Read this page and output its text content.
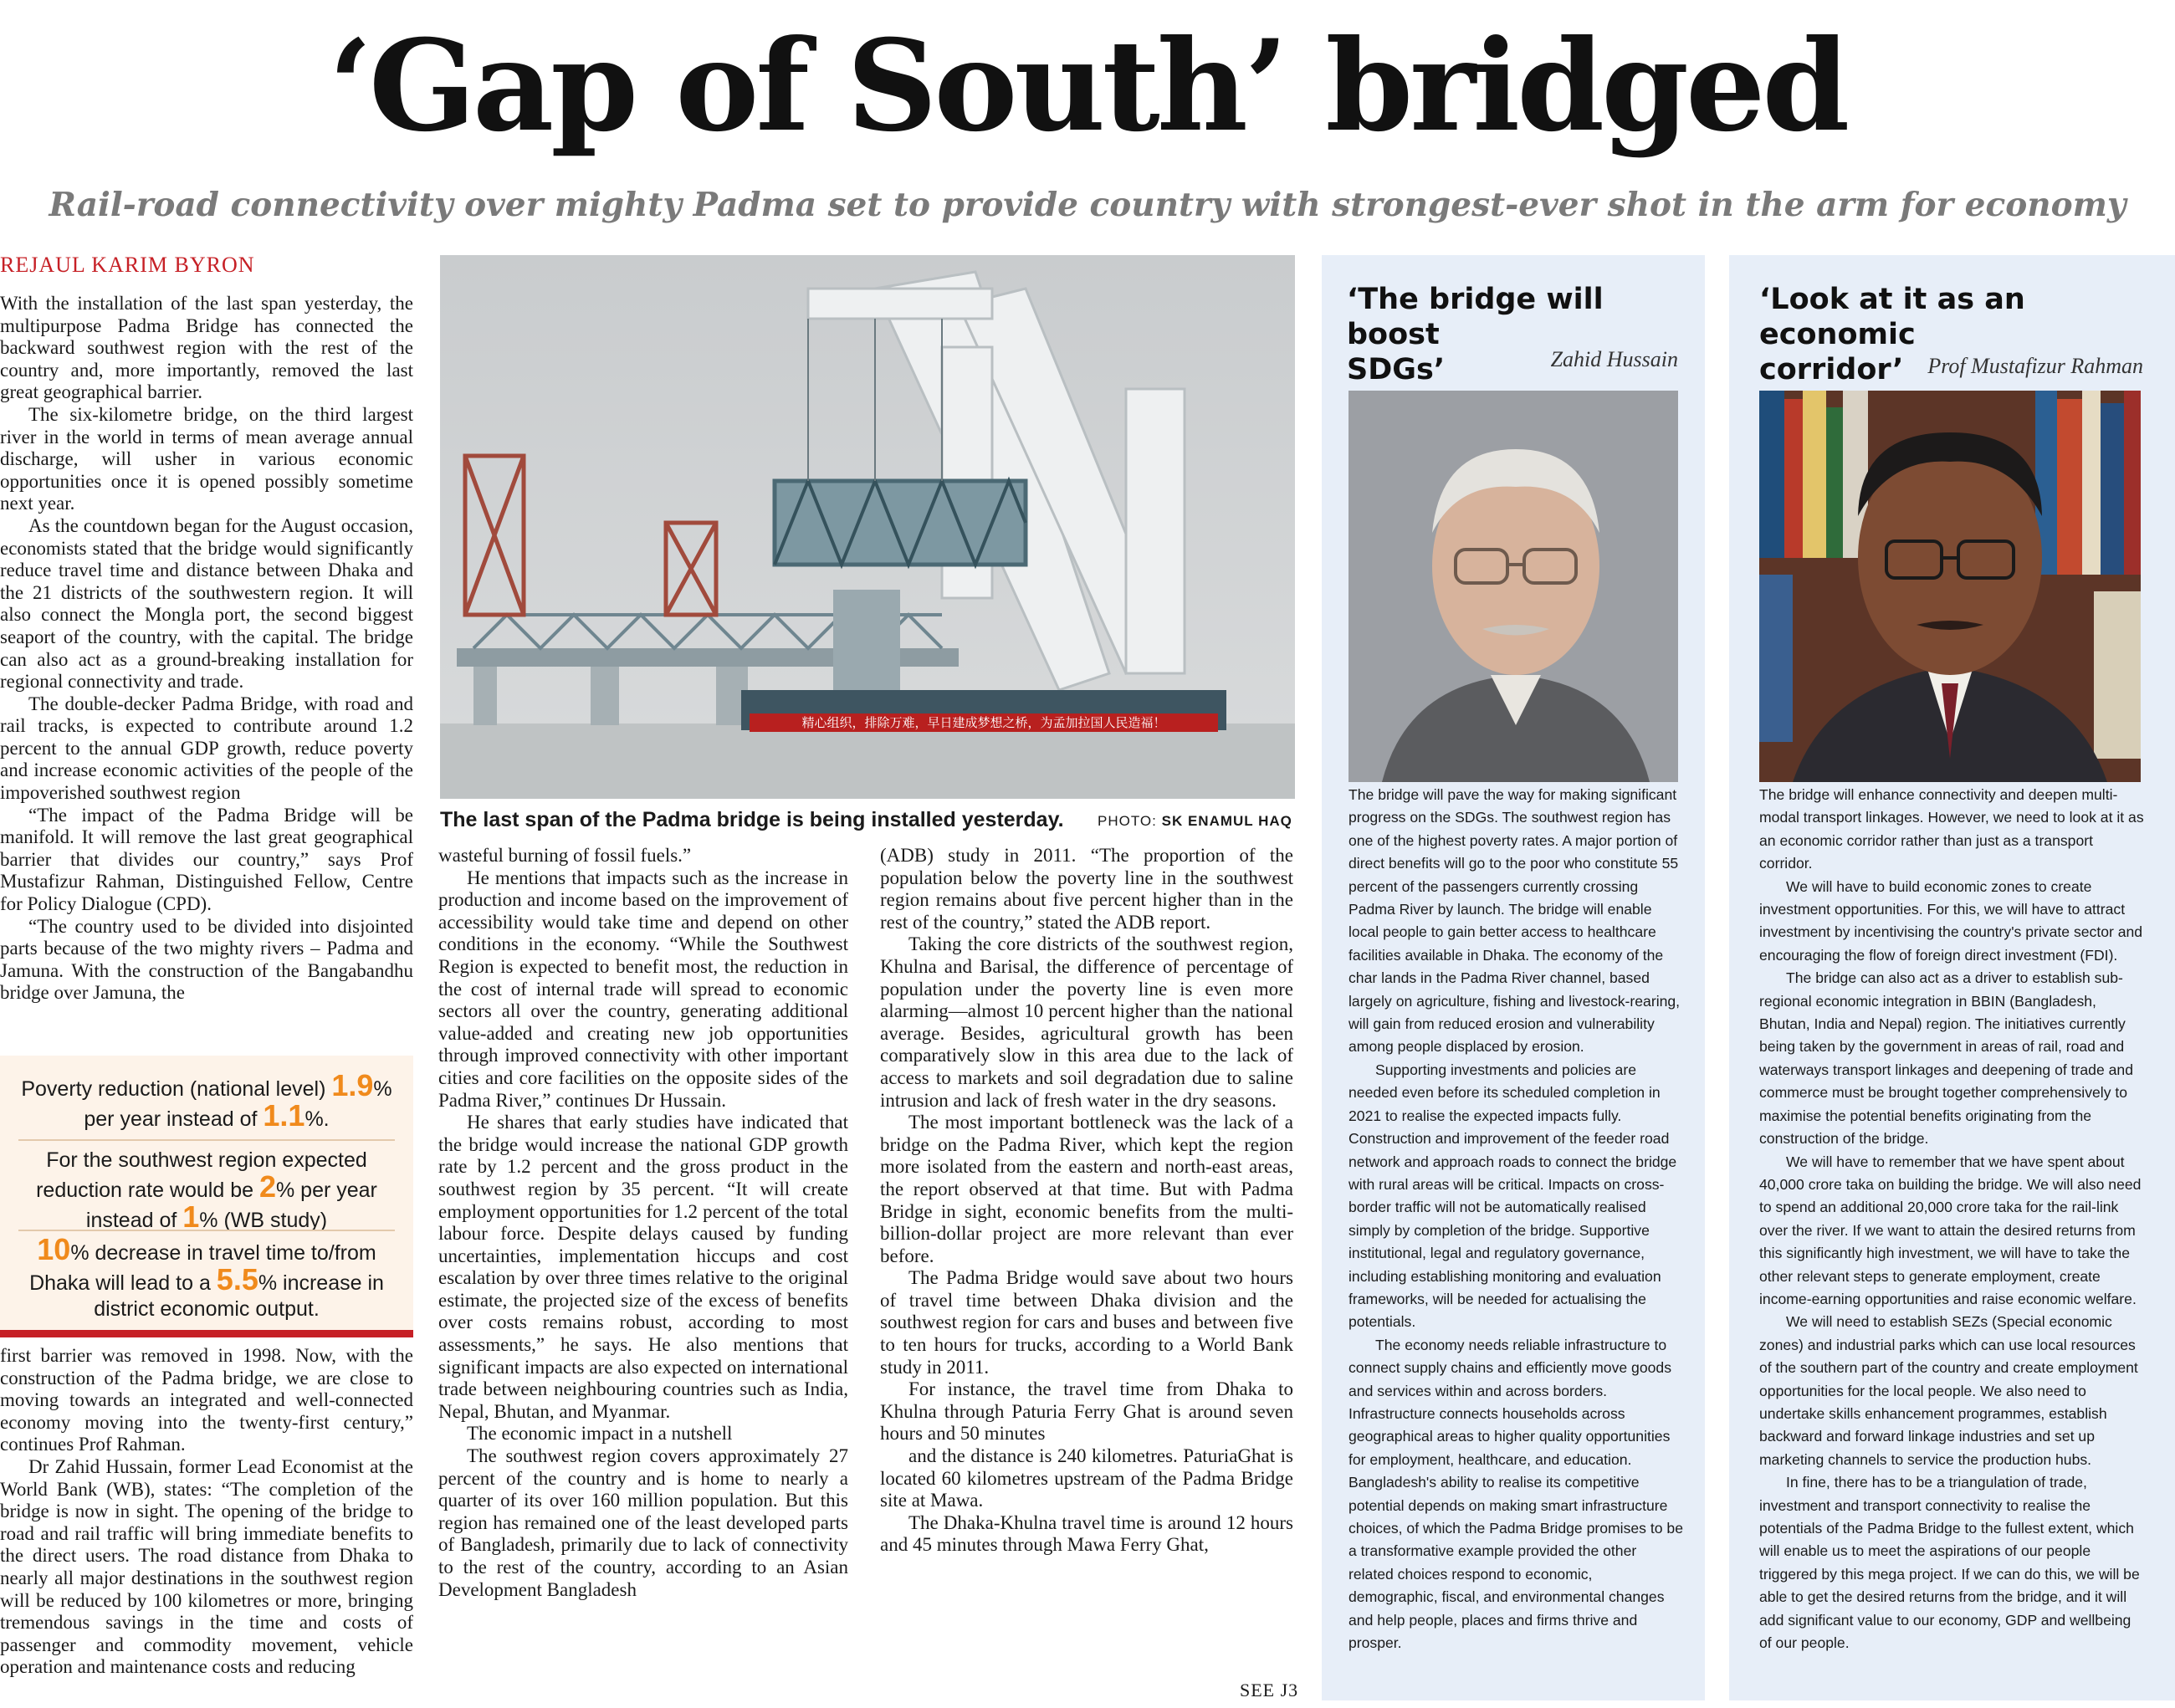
‘Gap of South’ bridged
Rail-road connectivity over mighty Padma set to provide country with strongest-ever shot in the arm for economy
REJAUL KARIM BYRON

With the installation of the last span yesterday, the multipurpose Padma Bridge has connected the backward southwest region with the rest of the country and, more importantly, removed the last great geographical barrier.

The six-kilometre bridge, on the third largest river in the world in terms of mean average annual discharge, will usher in various economic opportunities once it is opened possibly sometime next year.

As the countdown began for the August occasion, economists stated that the bridge would significantly reduce travel time and distance between Dhaka and the 21 districts of the southwestern region. It will also connect the Mongla port, the second biggest seaport of the country, with the capital. The bridge can also act as a ground-breaking installation for regional connectivity and trade.

The double-decker Padma Bridge, with road and rail tracks, is expected to contribute around 1.2 percent to the annual GDP growth, reduce poverty and increase economic activities of the people of the impoverished southwest region

“The impact of the Padma Bridge will be manifold. It will remove the last great geographical barrier that divides our country,” says Prof Mustafizur Rahman, Distinguished Fellow, Centre for Policy Dialogue (CPD).

“The country used to be divided into disjointed parts because of the two mighty rivers – Padma and Jamuna. With the construction of the Bangabandhu bridge over Jamuna, the

Poverty reduction (national level) 1.9% per year instead of 1.1%.
For the southwest region expected reduction rate would be 2% per year instead of 1% (WB study)
10% decrease in travel time to/from Dhaka will lead to a 5.5% increase in district economic output.

first barrier was removed in 1998. Now, with the construction of the Padma bridge, we are close to moving towards an integrated and well-connected economy moving into the twenty-first century,” continues Prof Rahman.

Dr Zahid Hussain, former Lead Economist at the World Bank (WB), states: “The completion of the bridge is now in sight. The opening of the bridge to road and rail traffic will bring immediate benefits to the direct users. The road distance from Dhaka to nearly all major destinations in the southwest region will be reduced by 100 kilometres or more, bringing tremendous savings in the time and costs of passenger and commodity movement, vehicle operation and maintenance costs and reducing

精心组织，排除万难，早日建成梦想之桥，为孟加拉国人民造福！
The last span of the Padma bridge is being installed yesterday. PHOTO: SK ENAMUL HAQ

wasteful burning of fossil fuels.”

He mentions that impacts such as the increase in production and income based on the improvement of accessibility would take time and depend on other conditions in the economy. “While the Southwest Region is expected to benefit most, the reduction in the cost of internal trade will spread to economic sectors all over the country, generating additional value-added and creating new job opportunities through improved connectivity with other important cities and core facilities on the opposite sides of the Padma River,” continues Dr Hussain.

He shares that early studies have indicated that the bridge would increase the national GDP growth rate by 1.2 percent and the gross product in the southwest region by 35 percent. “It will create employment opportunities for 1.2 percent of the total labour force. Despite delays caused by funding uncertainties, implementation hiccups and cost escalation by over three times relative to the original estimate, the projected size of the excess of benefits over costs remains robust, according to most assessments,” he says. He also mentions that significant impacts are also expected on international trade between neighbouring countries such as India, Nepal, Bhutan, and Myanmar.

The economic impact in a nutshell

The southwest region covers approximately 27 percent of the country and is home to nearly a quarter of its over 160 million population. But this region has remained one of the least developed parts of Bangladesh, primarily due to lack of connectivity to the rest of the country, according to an Asian Development Bangladesh

(ADB) study in 2011. “The proportion of the population below the poverty line in the southwest region remains about five percent higher than in the rest of the country,” stated the ADB report.

Taking the core districts of the southwest region, Khulna and Barisal, the difference of percentage of population under the poverty line is even more alarming—almost 10 percent higher than the national average. Besides, agricultural growth has been comparatively slow in this area due to the lack of access to markets and soil degradation due to saline intrusion and lack of fresh water in the dry seasons.

The most important bottleneck was the lack of a bridge on the Padma River, which kept the region more isolated from the eastern and north-east areas, the report observed at that time. But with Padma Bridge in sight, economic benefits from the multi-billion-dollar project are more relevant than ever before.

The Padma Bridge would save about two hours of travel time between Dhaka division and the southwest region for cars and buses and between five to ten hours for trucks, according to a World Bank study in 2011.

For instance, the travel time from Dhaka to Khulna through Paturia Ferry Ghat is around seven hours and 50 minutes

and the distance is 240 kilometres. PaturiaGhat is located 60 kilometres upstream of the Padma Bridge site at Mawa.

The Dhaka-Khulna travel time is around 12 hours and 45 minutes through Mawa Ferry Ghat,

SEE J3
‘The bridge will boost
SDGs’	Zahid Hussain

The bridge will pave the way for making significant progress on the SDGs. The southwest region has one of the highest poverty rates. A major portion of direct benefits will go to the poor who constitute 55 percent of the passengers currently crossing Padma River by launch. The bridge will enable local people to gain better access to healthcare facilities available in Dhaka. The economy of the char lands in the Padma River channel, based largely on agriculture, fishing and livestock-rearing, will gain from reduced erosion and vulnerability among people displaced by erosion.

Supporting investments and policies are needed even before its scheduled completion in 2021 to realise the expected impacts fully. Construction and improvement of the feeder road network and approach roads to connect the bridge with rural areas will be critical. Impacts on cross-border traffic will not be automatically realised simply by completion of the bridge. Supportive institutional, legal and regulatory governance, including establishing monitoring and evaluation frameworks, will be needed for actualising the potentials.

The economy needs reliable infrastructure to connect supply chains and efficiently move goods and services within and across borders. Infrastructure connects households across geographical areas to higher quality opportunities for employment, healthcare, and education. Bangladesh's ability to realise its competitive potential depends on making smart infrastructure choices, of which the Padma Bridge promises to be a transformative example provided the other related choices respond to economic, demographic, fiscal, and environmental changes and help people, places and firms thrive and prosper.

‘Look at it as an economic
corridor’	Prof Mustafizur Rahman

The bridge will enhance connectivity and deepen multi-modal transport linkages. However, we need to look at it as an economic corridor rather than just as a transport corridor.

We will have to build economic zones to create investment opportunities. For this, we will have to attract investment by incentivising the country's private sector and encouraging the flow of foreign direct investment (FDI).

The bridge can also act as a driver to establish sub-regional economic integration in BBIN (Bangladesh, Bhutan, India and Nepal) region. The initiatives currently being taken by the government in areas of rail, road and waterways transport linkages and deepening of trade and commerce must be brought together comprehensively to maximise the potential benefits originating from the construction of the bridge.

We will have to remember that we have spent about 40,000 crore taka on building the bridge. We will also need to spend an additional 20,000 crore taka for the rail-link over the river. If we want to attain the desired returns from this significantly high investment, we will have to take the other relevant steps to generate employment, create income-earning opportunities and raise economic welfare.

We will need to establish SEZs (Special economic zones) and industrial parks which can use local resources of the southern part of the country and create employment opportunities for the local people. We also need to undertake skills enhancement programmes, establish backward and forward linkage industries and set up marketing channels to service the production hubs.

In fine, there has to be a triangulation of trade, investment and transport connectivity to realise the potentials of the Padma Bridge to the fullest extent, which will enable us to meet the aspirations of our people triggered by this mega project. If we can do this, we will be able to get the desired returns from the bridge, and it will add significant value to our economy, GDP and wellbeing of our people.
